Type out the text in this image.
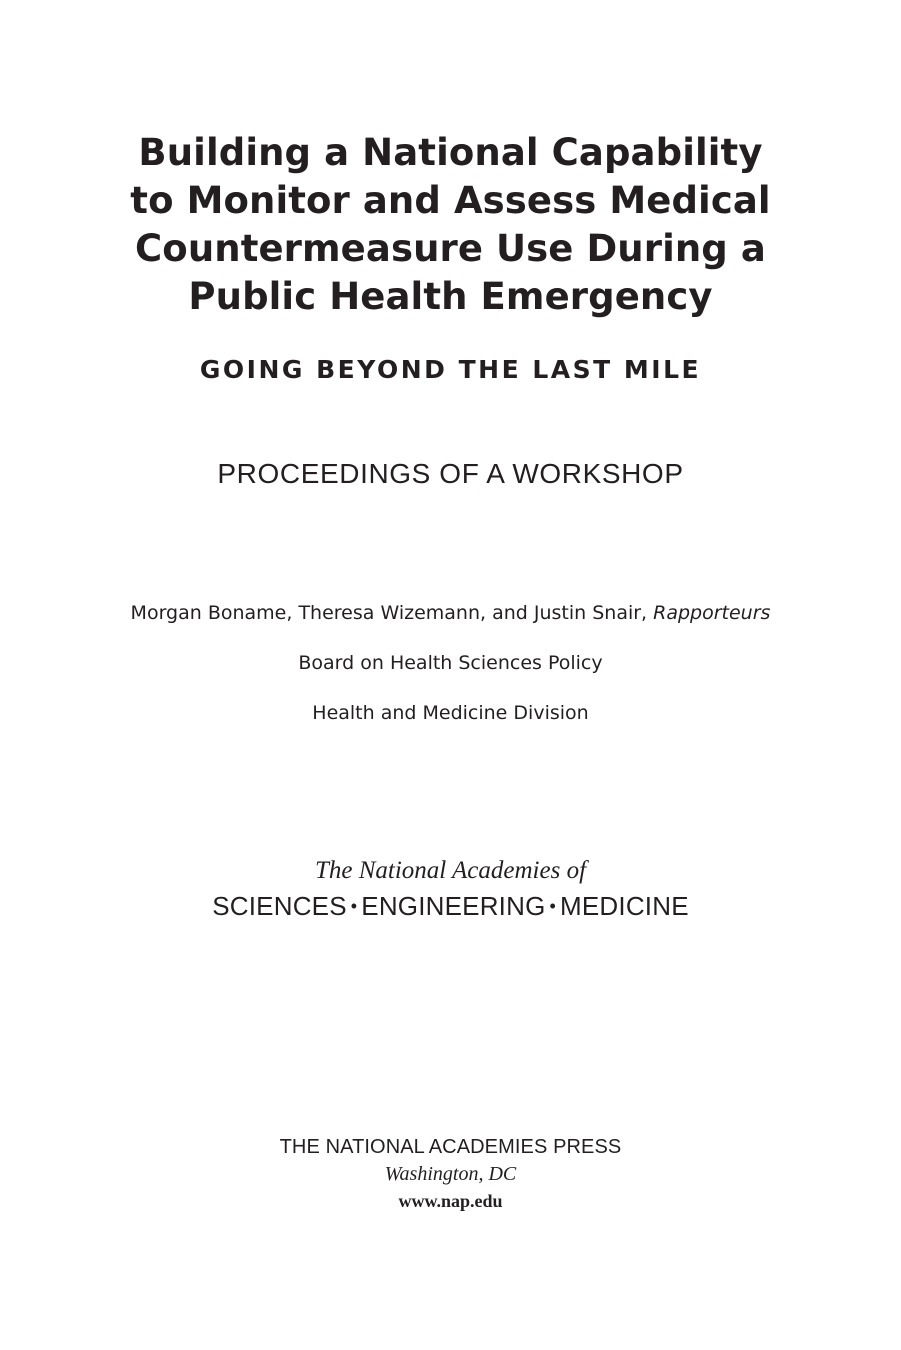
Building a National Capability
to Monitor and Assess Medical
Countermeasure Use During a
Public Health Emergency
GOING BEYOND THE LAST MILE
PROCEEDINGS OF A WORKSHOP
Morgan Boname, Theresa Wizemann, and Justin Snair, Rapporteurs
Board on Health Sciences Policy
Health and Medicine Division
The National Academies of
SCIENCES • ENGINEERING • MEDICINE
THE NATIONAL ACADEMIES PRESS
Washington, DC
www.nap.edu
